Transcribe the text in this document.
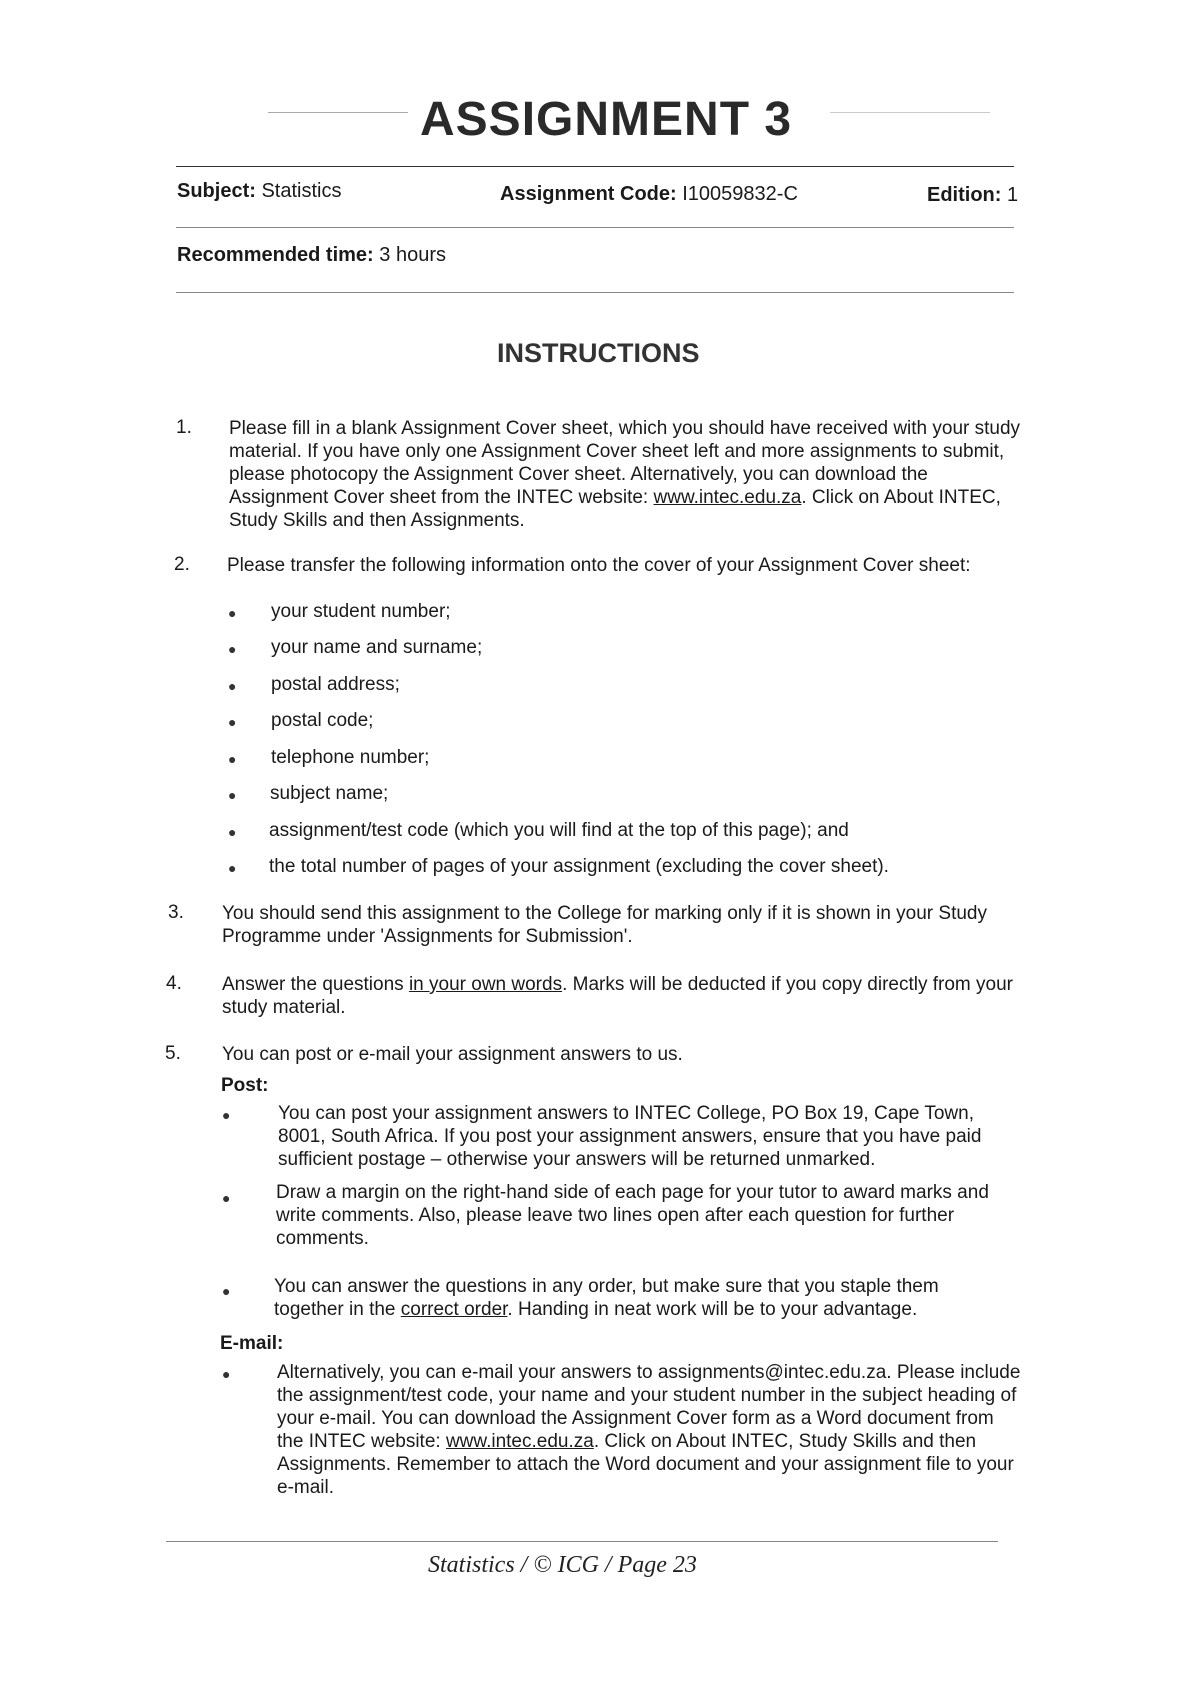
ASSIGNMENT 3
Subject: Statistics	Assignment Code: I10059832-C	Edition: 1
Recommended time: 3 hours
INSTRUCTIONS
1. Please fill in a blank Assignment Cover sheet, which you should have received with your study material. If you have only one Assignment Cover sheet left and more assignments to submit, please photocopy the Assignment Cover sheet. Alternatively, you can download the Assignment Cover sheet from the INTEC website: www.intec.edu.za. Click on About INTEC, Study Skills and then Assignments.
2. Please transfer the following information onto the cover of your Assignment Cover sheet:
● your student number;
● your name and surname;
● postal address;
● postal code;
● telephone number;
● subject name;
● assignment/test code (which you will find at the top of this page); and
● the total number of pages of your assignment (excluding the cover sheet).
3. You should send this assignment to the College for marking only if it is shown in your Study Programme under 'Assignments for Submission'.
4. Answer the questions in your own words. Marks will be deducted if you copy directly from your study material.
5. You can post or e-mail your assignment answers to us.
Post:
●	You can post your assignment answers to INTEC College, PO Box 19, Cape Town, 8001, South Africa. If you post your assignment answers, ensure that you have paid sufficient postage – otherwise your answers will be returned unmarked.
● Draw a margin on the right-hand side of each page for your tutor to award marks and write comments. Also, please leave two lines open after each question for further comments.
● You can answer the questions in any order, but make sure that you staple them together in the correct order. Handing in neat work will be to your advantage.
E-mail:
● Alternatively, you can e-mail your answers to assignments@intec.edu.za. Please include the assignment/test code, your name and your student number in the subject heading of your e-mail. You can download the Assignment Cover form as a Word document from the INTEC website: www.intec.edu.za. Click on About INTEC, Study Skills and then Assignments. Remember to attach the Word document and your assignment file to your e-mail.
Statistics / © ICG / Page 23
